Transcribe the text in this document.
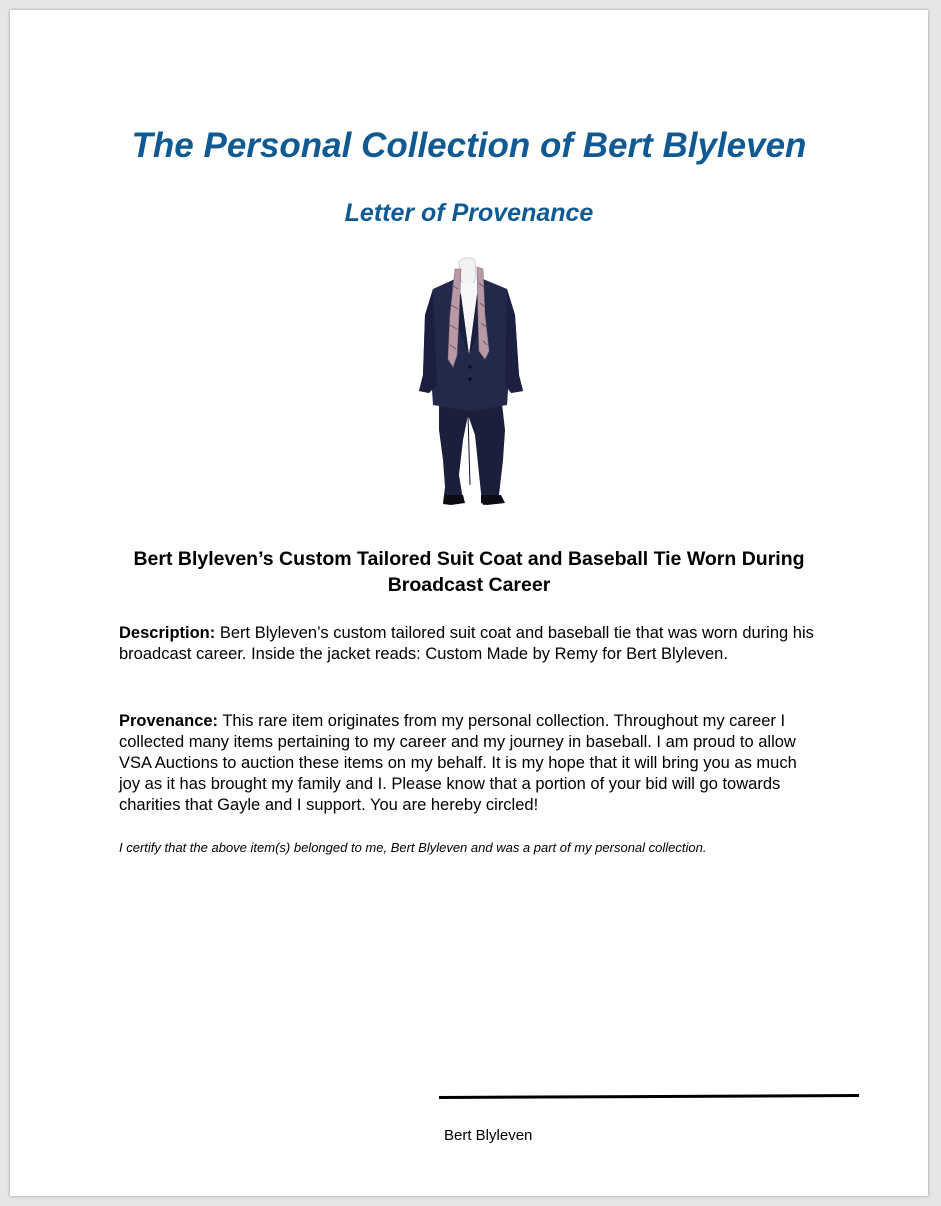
The Personal Collection of Bert Blyleven
Letter of Provenance
Bert Blyleven’s Custom Tailored Suit Coat and Baseball Tie Worn During Broadcast Career

Description: Bert Blyleven’s custom tailored suit coat and baseball tie that was worn during his broadcast career. Inside the jacket reads: Custom Made by Remy for Bert Blyleven.

Provenance: This rare item originates from my personal collection. Throughout my career I collected many items pertaining to my career and my journey in baseball. I am proud to allow VSA Auctions to auction these items on my behalf. It is my hope that it will bring you as much joy as it has brought my family and I. Please know that a portion of your bid will go towards charities that Gayle and I support. You are hereby circled!

I certify that the above item(s) belonged to me, Bert Blyleven and was a part of my personal collection.

Bert Blyleven
